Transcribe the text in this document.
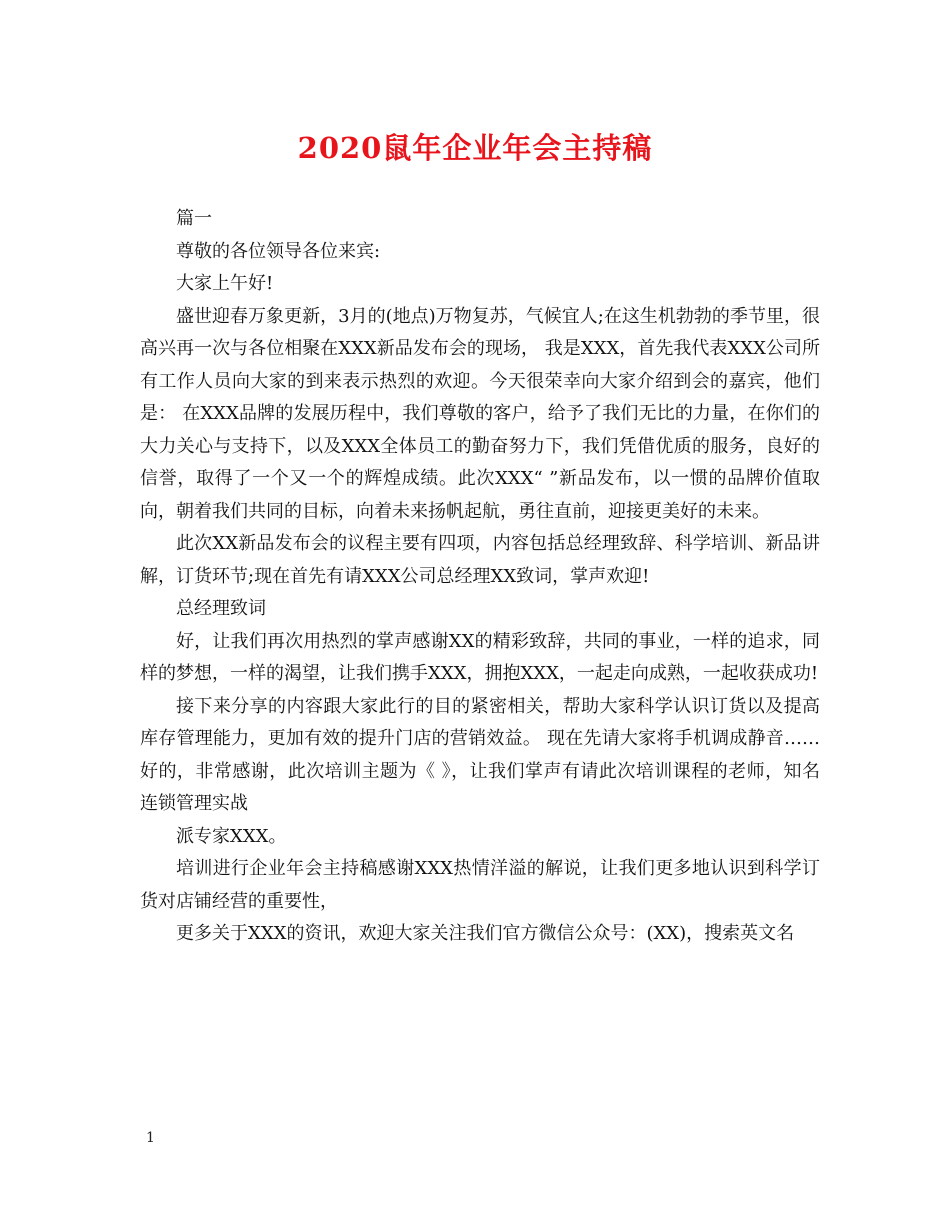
2020鼠年企业年会主持稿

篇一

尊敬的各位领导各位来宾:

大家上午好!

盛世迎春万象更新，3月的(地点)万物复苏，气候宜人;在这生机勃勃的季节里，很高兴再一次与各位相聚在XXX新品发布会的现场， 我是XXX，首先我代表XXX公司所有工作人员向大家的到来表示热烈的欢迎。今天很荣幸向大家介绍到会的嘉宾，他们是： 在XXX品牌的发展历程中，我们尊敬的客户，给予了我们无比的力量，在你们的大力关心与支持下，以及XXX全体员工的勤奋努力下，我们凭借优质的服务，良好的信誉，取得了一个又一个的辉煌成绩。此次XXX“ ”新品发布，以一惯的品牌价值取向，朝着我们共同的目标，向着未来扬帆起航，勇往直前，迎接更美好的未来。

此次XX新品发布会的议程主要有四项，内容包括总经理致辞、科学培训、新品讲解，订货环节;现在首先有请XXX公司总经理XX致词，掌声欢迎!

总经理致词

好，让我们再次用热烈的掌声感谢XX的精彩致辞，共同的事业，一样的追求，同样的梦想，一样的渴望，让我们携手XXX，拥抱XXX，一起走向成熟，一起收获成功!

接下来分享的内容跟大家此行的目的紧密相关，帮助大家科学认识订货以及提高库存管理能力，更加有效的提升门店的营销效益。 现在先请大家将手机调成静音……好的，非常感谢，此次培训主题为《 》，让我们掌声有请此次培训课程的老师，知名连锁管理实战

派专家XXX。

培训进行企业年会主持稿感谢XXX热情洋溢的解说，让我们更多地认识到科学订货对店铺经营的重要性，

更多关于XXX的资讯，欢迎大家关注我们官方微信公众号：(XX)，搜索英文名

1
